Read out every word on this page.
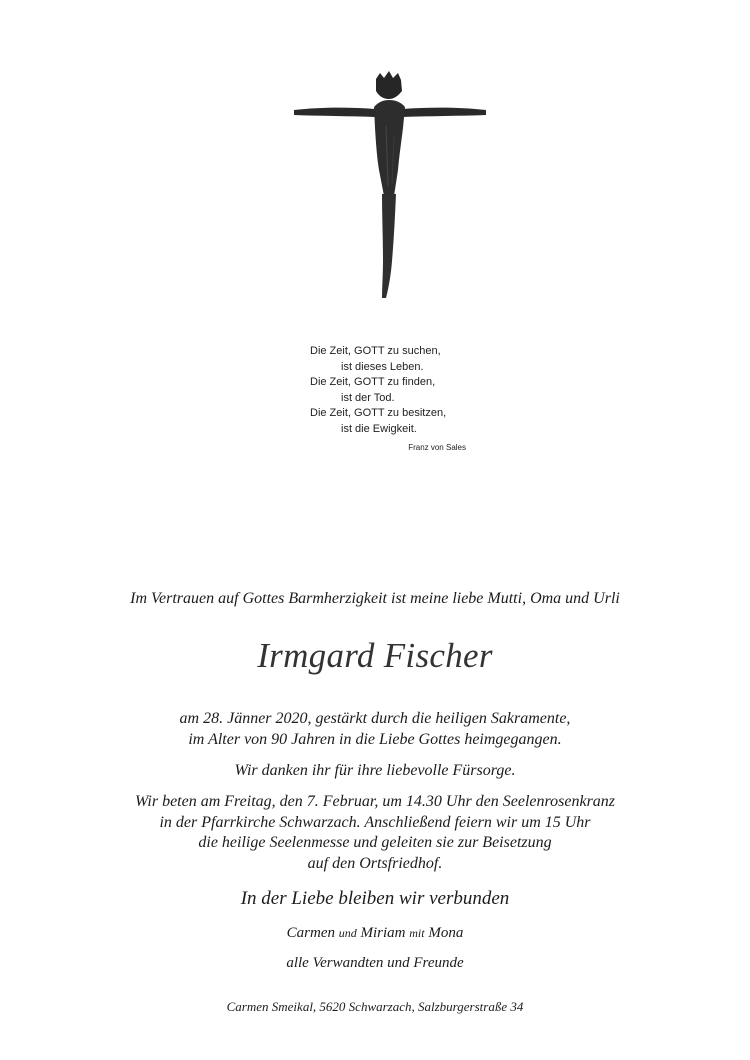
Die Zeit, GOTT zu suchen,
ist dieses Leben.
Die Zeit, GOTT zu finden,
ist der Tod.
Die Zeit, GOTT zu besitzen,
ist die Ewigkeit.
Franz von Sales
Im Vertrauen auf Gottes Barmherzigkeit ist meine liebe Mutti, Oma und Urli
Irmgard Fischer
am 28. Jänner 2020, gestärkt durch die heiligen Sakramente,
im Alter von 90 Jahren in die Liebe Gottes heimgegangen.
Wir danken ihr für ihre liebevolle Fürsorge.
Wir beten am Freitag, den 7. Februar, um 14.30 Uhr den Seelenrosenkranz
in der Pfarrkirche Schwarzach. Anschließend feiern wir um 15 Uhr
die heilige Seelenmesse und geleiten sie zur Beisetzung
auf den Ortsfriedhof.
In der Liebe bleiben wir verbunden
Carmen und Miriam mit Mona
alle Verwandten und Freunde
Carmen Smeikal, 5620 Schwarzach, Salzburgerstraße 34
